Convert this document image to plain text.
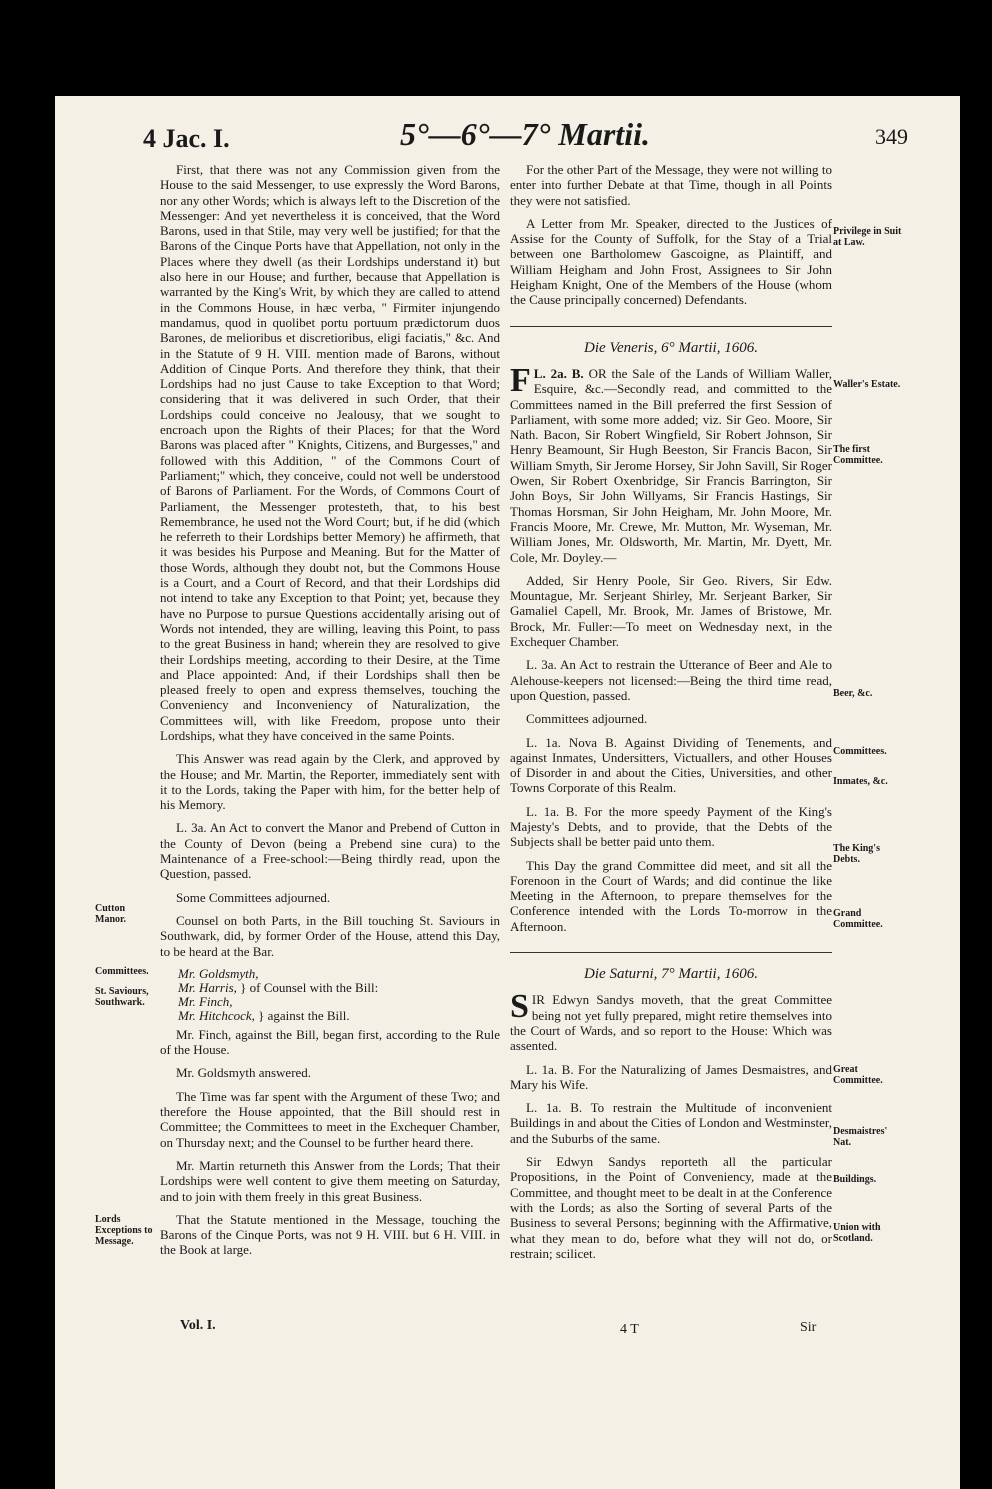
4 Jac. I.	5°—6°—7° Martii.	349
Cutton Manor.
Committees.
St. Saviours, Southwark.
Lords Exceptions to Message.

First, that there was not any Commission given from the House to the said Messenger, to use expressly the Word Barons, nor any other Words; which is always left to the Discretion of the Messenger: And yet nevertheless it is conceived, that the Word Barons, used in that Stile, may very well be justified; for that the Barons of the Cinque Ports have that Appellation, not only in the Places where they dwell (as their Lordships understand it) but also here in our House; and further, because that Appellation is warranted by the King's Writ, by which they are called to attend in the Commons House, in hæc verba, " Firmiter injungendo mandamus, quod in quolibet portu portuum prædictorum duos Barones, de melioribus et discretioribus, eligi faciatis," &c. And in the Statute of 9 H. VIII. mention made of Barons, without Addition of Cinque Ports. And therefore they think, that their Lordships had no just Cause to take Exception to that Word; considering that it was delivered in such Order, that their Lordships could conceive no Jealousy, that we sought to encroach upon the Rights of their Places; for that the Word Barons was placed after " Knights, Citizens, and Burgesses," and followed with this Addition, " of the Commons Court of Parliament;" which, they conceive, could not well be understood of Barons of Parliament. For the Words, of Commons Court of Parliament, the Messenger protesteth, that, to his best Remembrance, he used not the Word Court; but, if he did (which he referreth to their Lordships better Memory) he affirmeth, that it was besides his Purpose and Meaning. But for the Matter of those Words, although they doubt not, but the Commons House is a Court, and a Court of Record, and that their Lordships did not intend to take any Exception to that Point; yet, because they have no Purpose to pursue Questions accidentally arising out of Words not intended, they are willing, leaving this Point, to pass to the great Business in hand; wherein they are resolved to give their Lordships meeting, according to their Desire, at the Time and Place appointed: And, if their Lordships shall then be pleased freely to open and express themselves, touching the Conveniency and Inconveniency of Naturalization, the Committees will, with like Freedom, propose unto their Lordships, what they have conceived in the same Points.

This Answer was read again by the Clerk, and approved by the House; and Mr. Martin, the Reporter, immediately sent with it to the Lords, taking the Paper with him, for the better help of his Memory.

L. 3a. An Act to convert the Manor and Prebend of Cutton in the County of Devon (being a Prebend sine cura) to the Maintenance of a Free-school:—Being thirdly read, upon the Question, passed.

Some Committees adjourned.

Counsel on both Parts, in the Bill touching St. Saviours in Southwark, did, by former Order of the House, attend this Day, to be heard at the Bar.

Mr. Goldsmyth,
Mr. Harris, } of Counsel with the Bill:
Mr. Finch,
Mr. Hitchcock, } against the Bill.

Mr. Finch, against the Bill, began first, according to the Rule of the House.

Mr. Goldsmyth answered.

The Time was far spent with the Argument of these Two; and therefore the House appointed, that the Bill should rest in Committee; the Committees to meet in the Exchequer Chamber, on Thursday next; and the Counsel to be further heard there.

Mr. Martin returneth this Answer from the Lords; That their Lordships were well content to give them meeting on Saturday, and to join with them freely in this great Business.

That the Statute mentioned in the Message, touching the Barons of the Cinque Ports, was not 9 H. VIII. but 6 H. VIII. in the Book at large.

Privilege in Suit at Law.
Waller's Estate.
The first Committee.
Beer, &c.
Committees.
Inmates, &c.
The King's Debts.
Grand Committee.
Great Committee.
Desmaistres' Nat.
Buildings.
Union with Scotland.

For the other Part of the Message, they were not willing to enter into further Debate at that Time, though in all Points they were not satisfied.

A Letter from Mr. Speaker, directed to the Justices of Assise for the County of Suffolk, for the Stay of a Trial between one Bartholomew Gascoigne, as Plaintiff, and William Heigham and John Frost, Assignees to Sir John Heigham Knight, One of the Members of the House (whom the Cause principally concerned) Defendants.

Die Veneris, 6° Martii, 1606.

L. 2a. B.
F	OR the Sale of the Lands of William Waller, Esquire, &c.—Secondly read, and committed to the Committees named in the Bill preferred the first Session of Parliament, with some more added; viz. Sir Geo. Moore, Sir Nath. Bacon, Sir Robert Wingfield, Sir Robert Johnson, Sir Henry Beamount, Sir Hugh Beeston, Sir Francis Bacon, Sir William Smyth, Sir Jerome Horsey, Sir John Savill, Sir Roger Owen, Sir Robert Oxenbridge, Sir Francis Barrington, Sir John Boys, Sir John Willyams, Sir Francis Hastings, Sir Thomas Horsman, Sir John Heigham, Mr. John Moore, Mr. Francis Moore, Mr. Crewe, Mr. Mutton, Mr. Wyseman, Mr. William Jones, Mr. Oldsworth, Mr. Martin, Mr. Dyett, Mr. Cole, Mr. Doyley.—

Added, Sir Henry Poole, Sir Geo. Rivers, Sir Edw. Mountague, Mr. Serjeant Shirley, Mr. Serjeant Barker, Sir Gamaliel Capell, Mr. Brook, Mr. James of Bristowe, Mr. Brock, Mr. Fuller:—To meet on Wednesday next, in the Exchequer Chamber.

L. 3a. An Act to restrain the Utterance of Beer and Ale to Alehouse-keepers not licensed:—Being the third time read, upon Question, passed.

Committees adjourned.

L. 1a. Nova B. Against Dividing of Tenements, and against Inmates, Undersitters, Victuallers, and other Houses of Disorder in and about the Cities, Universities, and other Towns Corporate of this Realm.

L. 1a. B. For the more speedy Payment of the King's Majesty's Debts, and to provide, that the Debts of the Subjects shall be better paid unto them.

This Day the grand Committee did meet, and sit all the Forenoon in the Court of Wards; and did continue the like Meeting in the Afternoon, to prepare themselves for the Conference intended with the Lords To-morrow in the Afternoon.

Die Saturni, 7° Martii, 1606.

SIR Edwyn Sandys moveth, that the great Committee being not yet fully prepared, might retire themselves into the Court of Wards, and so report to the House: Which was assented.

L. 1a. B. For the Naturalizing of James Desmaistres, and Mary his Wife.

L. 1a. B. To restrain the Multitude of inconvenient Buildings in and about the Cities of London and Westminster, and the Suburbs of the same.

Sir Edwyn Sandys reporteth all the particular Propositions, in the Point of Conveniency, made at the Committee, and thought meet to be dealt in at the Conference with the Lords; as also the Sorting of several Parts of the Business to several Persons; beginning with the Affirmative, what they mean to do, before what they will not do, or restrain; scilicet.

Vol. I.	4 T	Sir
